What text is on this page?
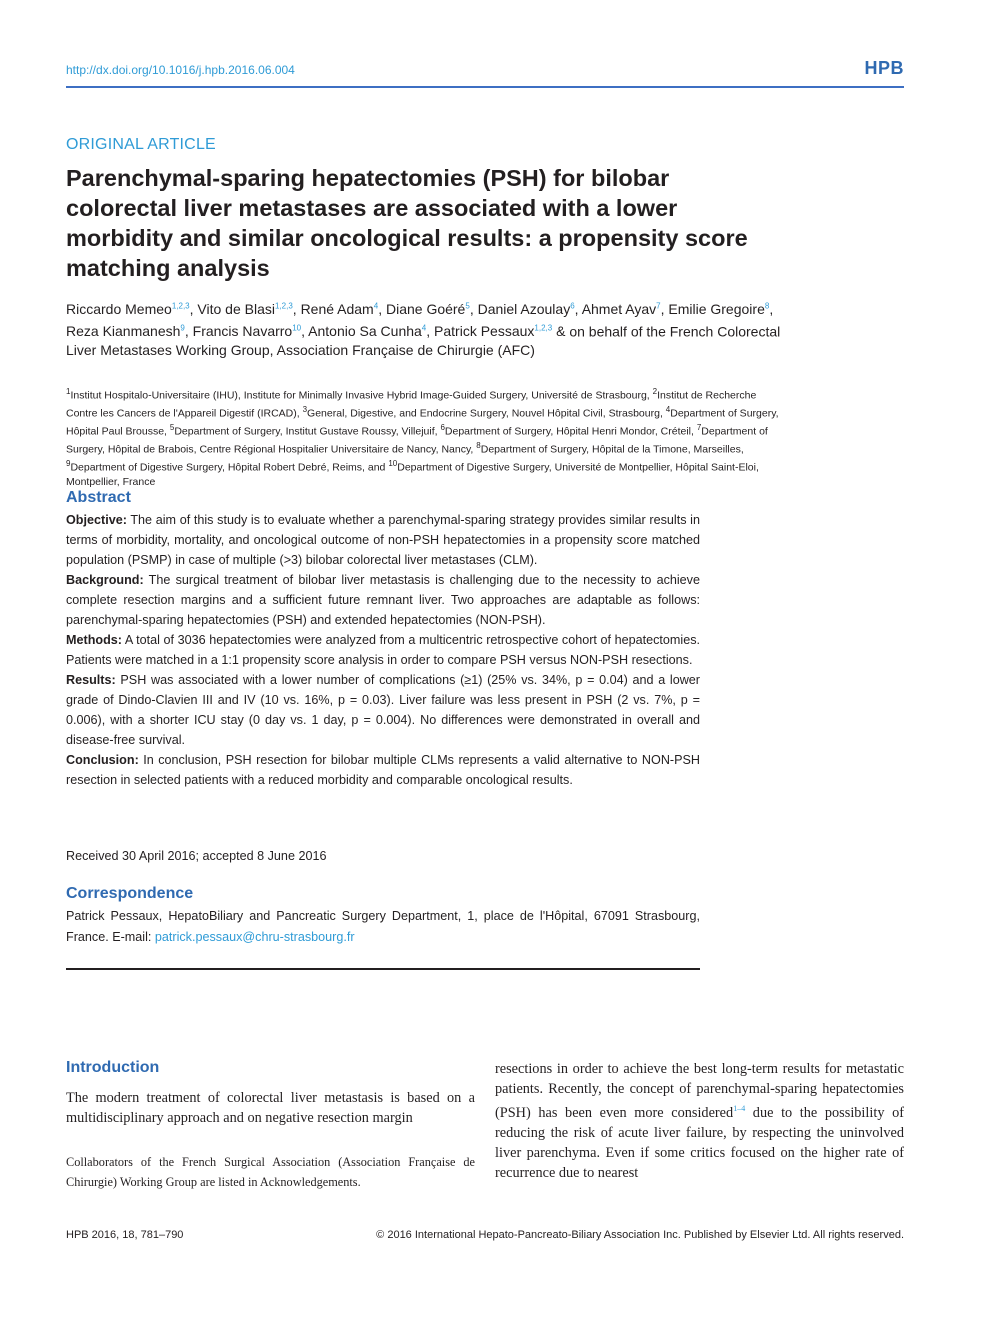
http://dx.doi.org/10.1016/j.hpb.2016.06.004	HPB
ORIGINAL ARTICLE
Parenchymal-sparing hepatectomies (PSH) for bilobar colorectal liver metastases are associated with a lower morbidity and similar oncological results: a propensity score matching analysis
Riccardo Memeo$^{1,2,3}$, Vito de Blasi$^{1,2,3}$, René Adam$^4$, Diane Goéré$^5$, Daniel Azoulay$^6$, Ahmet Ayav$^7$, Emilie Gregoire$^8$, Reza Kianmanesh$^9$, Francis Navarro$^{10}$, Antonio Sa Cunha$^4$, Patrick Pessaux$^{1,2,3}$ & on behalf of the French Colorectal Liver Metastases Working Group, Association Française de Chirurgie (AFC)
$^1$Institut Hospitalo-Universitaire (IHU), Institute for Minimally Invasive Hybrid Image-Guided Surgery, Université de Strasbourg, $^2$Institut de Recherche Contre les Cancers de l'Appareil Digestif (IRCAD), $^3$General, Digestive, and Endocrine Surgery, Nouvel Hôpital Civil, Strasbourg, $^4$Department of Surgery, Hôpital Paul Brousse, $^5$Department of Surgery, Institut Gustave Roussy, Villejuif, $^6$Department of Surgery, Hôpital Henri Mondor, Créteil, $^7$Department of Surgery, Hôpital de Brabois, Centre Régional Hospitalier Universitaire de Nancy, Nancy, $^8$Department of Surgery, Hôpital de la Timone, Marseilles, $^9$Department of Digestive Surgery, Hôpital Robert Debré, Reims, and $^{10}$Department of Digestive Surgery, Université de Montpellier, Hôpital Saint-Eloi, Montpellier, France
Abstract

Objective: The aim of this study is to evaluate whether a parenchymal-sparing strategy provides similar results in terms of morbidity, mortality, and oncological outcome of non-PSH hepatectomies in a propensity score matched population (PSMP) in case of multiple (>3) bilobar colorectal liver metastases (CLM).

Background: The surgical treatment of bilobar liver metastasis is challenging due to the necessity to achieve complete resection margins and a sufficient future remnant liver. Two approaches are adaptable as follows: parenchymal-sparing hepatectomies (PSH) and extended hepatectomies (NON-PSH).

Methods: A total of 3036 hepatectomies were analyzed from a multicentric retrospective cohort of hepatectomies. Patients were matched in a 1:1 propensity score analysis in order to compare PSH versus NON-PSH resections.

Results: PSH was associated with a lower number of complications (≥1) (25% vs. 34%, p = 0.04) and a lower grade of Dindo-Clavien III and IV (10 vs. 16%, p = 0.03). Liver failure was less present in PSH (2 vs. 7%, p = 0.006), with a shorter ICU stay (0 day vs. 1 day, p = 0.004). No differences were demonstrated in overall and disease-free survival.

Conclusion: In conclusion, PSH resection for bilobar multiple CLMs represents a valid alternative to NON-PSH resection in selected patients with a reduced morbidity and comparable oncological results.

Received 30 April 2016; accepted 8 June 2016
Correspondence
Patrick Pessaux, HepatoBiliary and Pancreatic Surgery Department, 1, place de l'Hôpital, 67091 Strasbourg, France. E-mail: patrick.pessaux@chru-strasbourg.fr
Introduction
The modern treatment of colorectal liver metastasis is based on a multidisciplinary approach and on negative resection margin
Collaborators of the French Surgical Association (Association Française de Chirurgie) Working Group are listed in Acknowledgements.
resections in order to achieve the best long-term results for metastatic patients. Recently, the concept of parenchymal-sparing hepatectomies (PSH) has been even more considered$^{1-4}$ due to the possibility of reducing the risk of acute liver failure, by respecting the uninvolved liver parenchyma. Even if some critics focused on the higher rate of recurrence due to nearest
HPB 2016, 18, 781–790	© 2016 International Hepato-Pancreato-Biliary Association Inc. Published by Elsevier Ltd. All rights reserved.
